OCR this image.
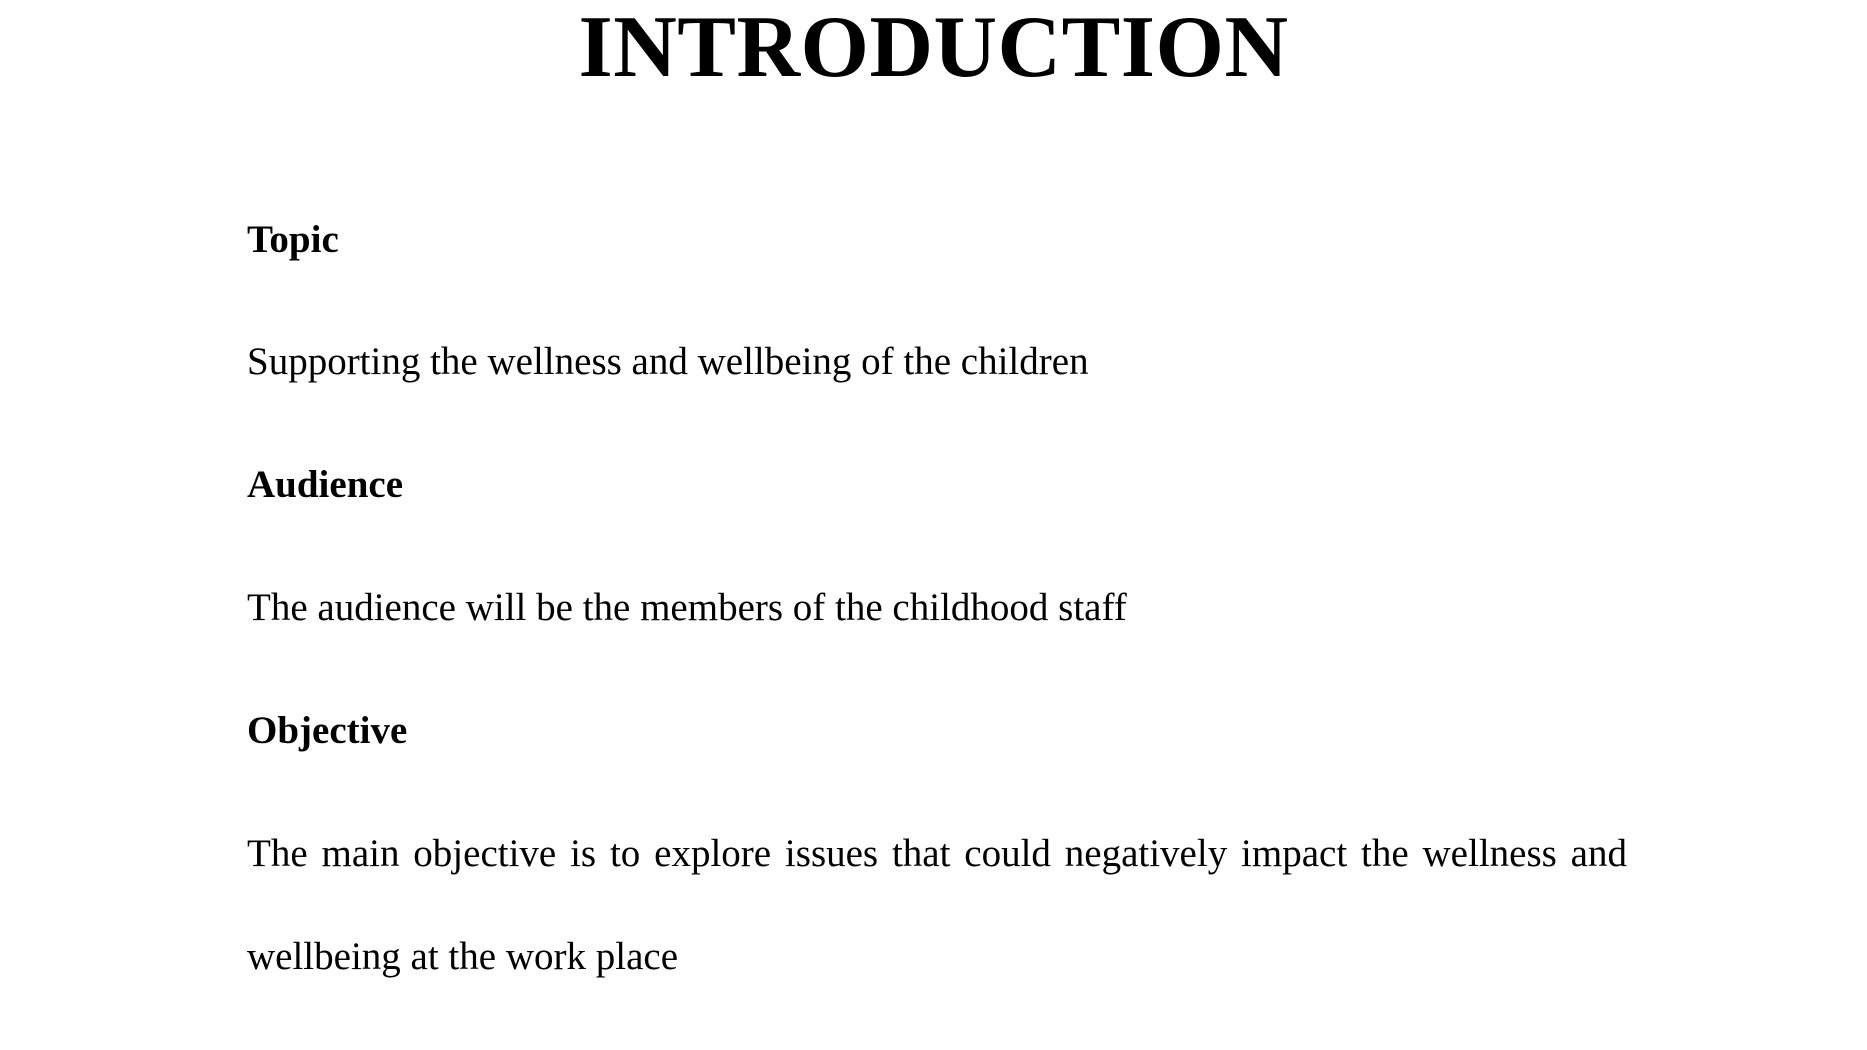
INTRODUCTION
Topic

Supporting the wellness and wellbeing of the children

Audience

The audience will be the members of the childhood staff

Objective

The main objective is to explore issues that could negatively impact the wellness and wellbeing at the work place
